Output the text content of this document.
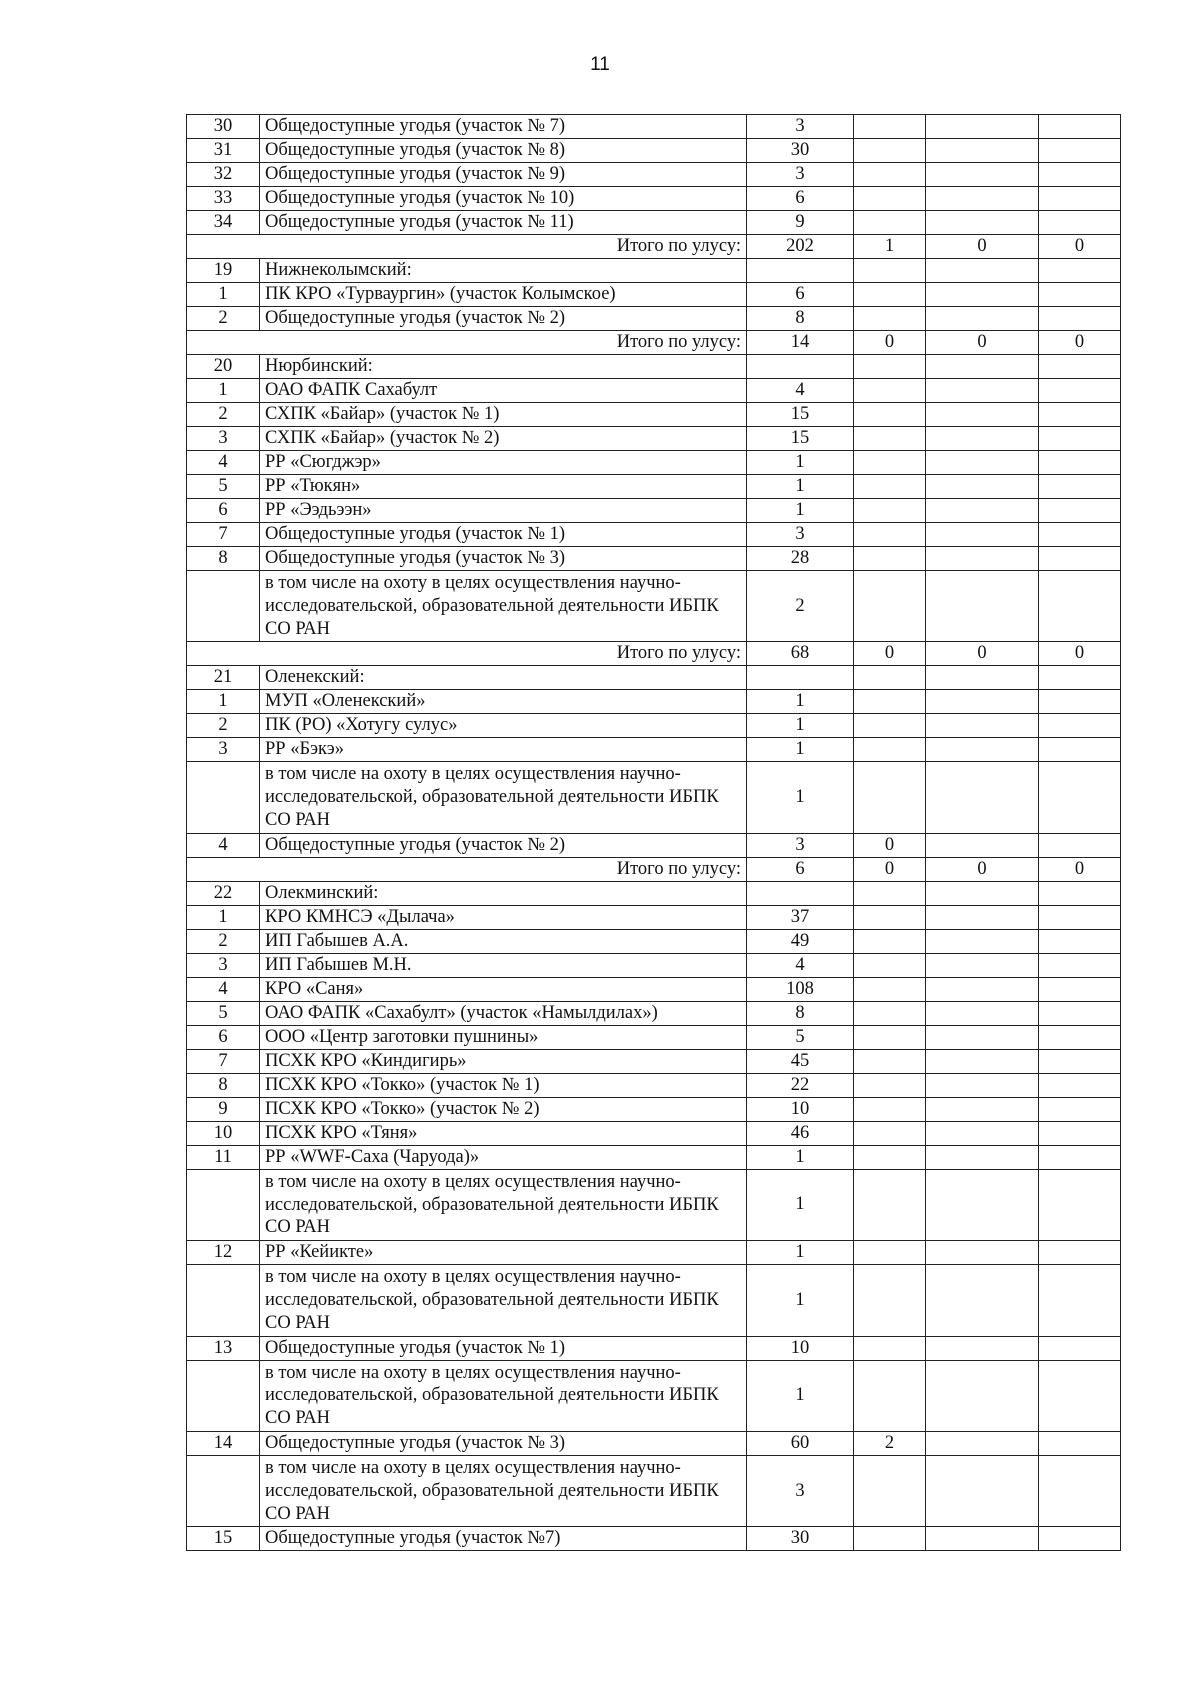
11
30	Общедоступные угодья (участок № 7)	3			
31	Общедоступные угодья (участок № 8)	30			
32	Общедоступные угодья (участок № 9)	3			
33	Общедоступные угодья (участок № 10)	6			
34	Общедоступные угодья (участок № 11)	9			
Итого по улусу:		202	1	0	0
19	Нижнеколымский:				
1	ПК КРО «Турваургин» (участок Колымское)	6			
2	Общедоступные угодья (участок № 2)	8			
Итого по улусу:		14	0	0	0
20	Нюрбинский:				
1	ОАО ФАПК Сахабулт	4			
2	СХПК «Байар» (участок № 1)	15			
3	СХПК «Байар» (участок № 2)	15			
4	РР «Сюгджэр»	1			
5	РР «Тюкян»	1			
6	РР «Ээдьээн»	1			
7	Общедоступные угодья (участок № 1)	3			
8	Общедоступные угодья (участок № 3)	28			
	в том числе на охоту в целях осуществления научно-исследовательской, образовательной деятельности ИБПК СО РАН	2			
Итого по улусу:		68	0	0	0
21	Оленекский:				
1	МУП «Оленекский»	1			
2	ПК (РО) «Хотугу сулус»	1			
3	РР «Бэкэ»	1			
	в том числе на охоту в целях осуществления научно-исследовательской, образовательной деятельности ИБПК СО РАН	1			
4	Общедоступные угодья (участок № 2)	3	0		
Итого по улусу:		6	0	0	0
22	Олекминский:				
1	КРО КМНСЭ «Дылача»	37			
2	ИП Габышев А.А.	49			
3	ИП Габышев М.Н.	4			
4	КРО «Саня»	108			
5	ОАО ФАПК «Сахабулт» (участок «Намылдилах»)	8			
6	ООО «Центр заготовки пушнины»	5			
7	ПСХК КРО «Киндигирь»	45			
8	ПСХК КРО «Токко» (участок № 1)	22			
9	ПСХК КРО «Токко» (участок № 2)	10			
10	ПСХК КРО «Тяня»	46			
11	РР «WWF-Саха (Чаруода)»	1			
	в том числе на охоту в целях осуществления научно-исследовательской, образовательной деятельности ИБПК СО РАН	1			
12	РР «Кейикте»	1			
	в том числе на охоту в целях осуществления научно-исследовательской, образовательной деятельности ИБПК СО РАН	1			
13	Общедоступные угодья (участок № 1)	10			
	в том числе на охоту в целях осуществления научно-исследовательской, образовательной деятельности ИБПК СО РАН	1			
14	Общедоступные угодья (участок № 3)	60	2		
	в том числе на охоту в целях осуществления научно-исследовательской, образовательной деятельности ИБПК СО РАН	3			
15	Общедоступные угодья (участок №7)	30			
